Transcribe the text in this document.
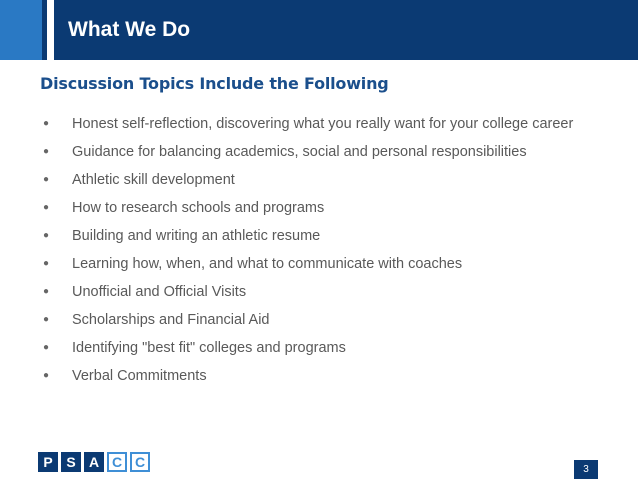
What We Do
Discussion Topics Include the Following
●	Honest self-reflection, discovering what you really want for your college career
●	Guidance for balancing academics, social and personal responsibilities
●	Athletic skill development
●	How to research schools and programs
●	Building and writing an athletic resume
●	Learning how, when, and what to communicate with coaches
●	Unofficial and Official Visits
●	Scholarships and Financial Aid
●	Identifying "best fit" colleges and programs
●	Verbal Commitments
P S A C C	3
